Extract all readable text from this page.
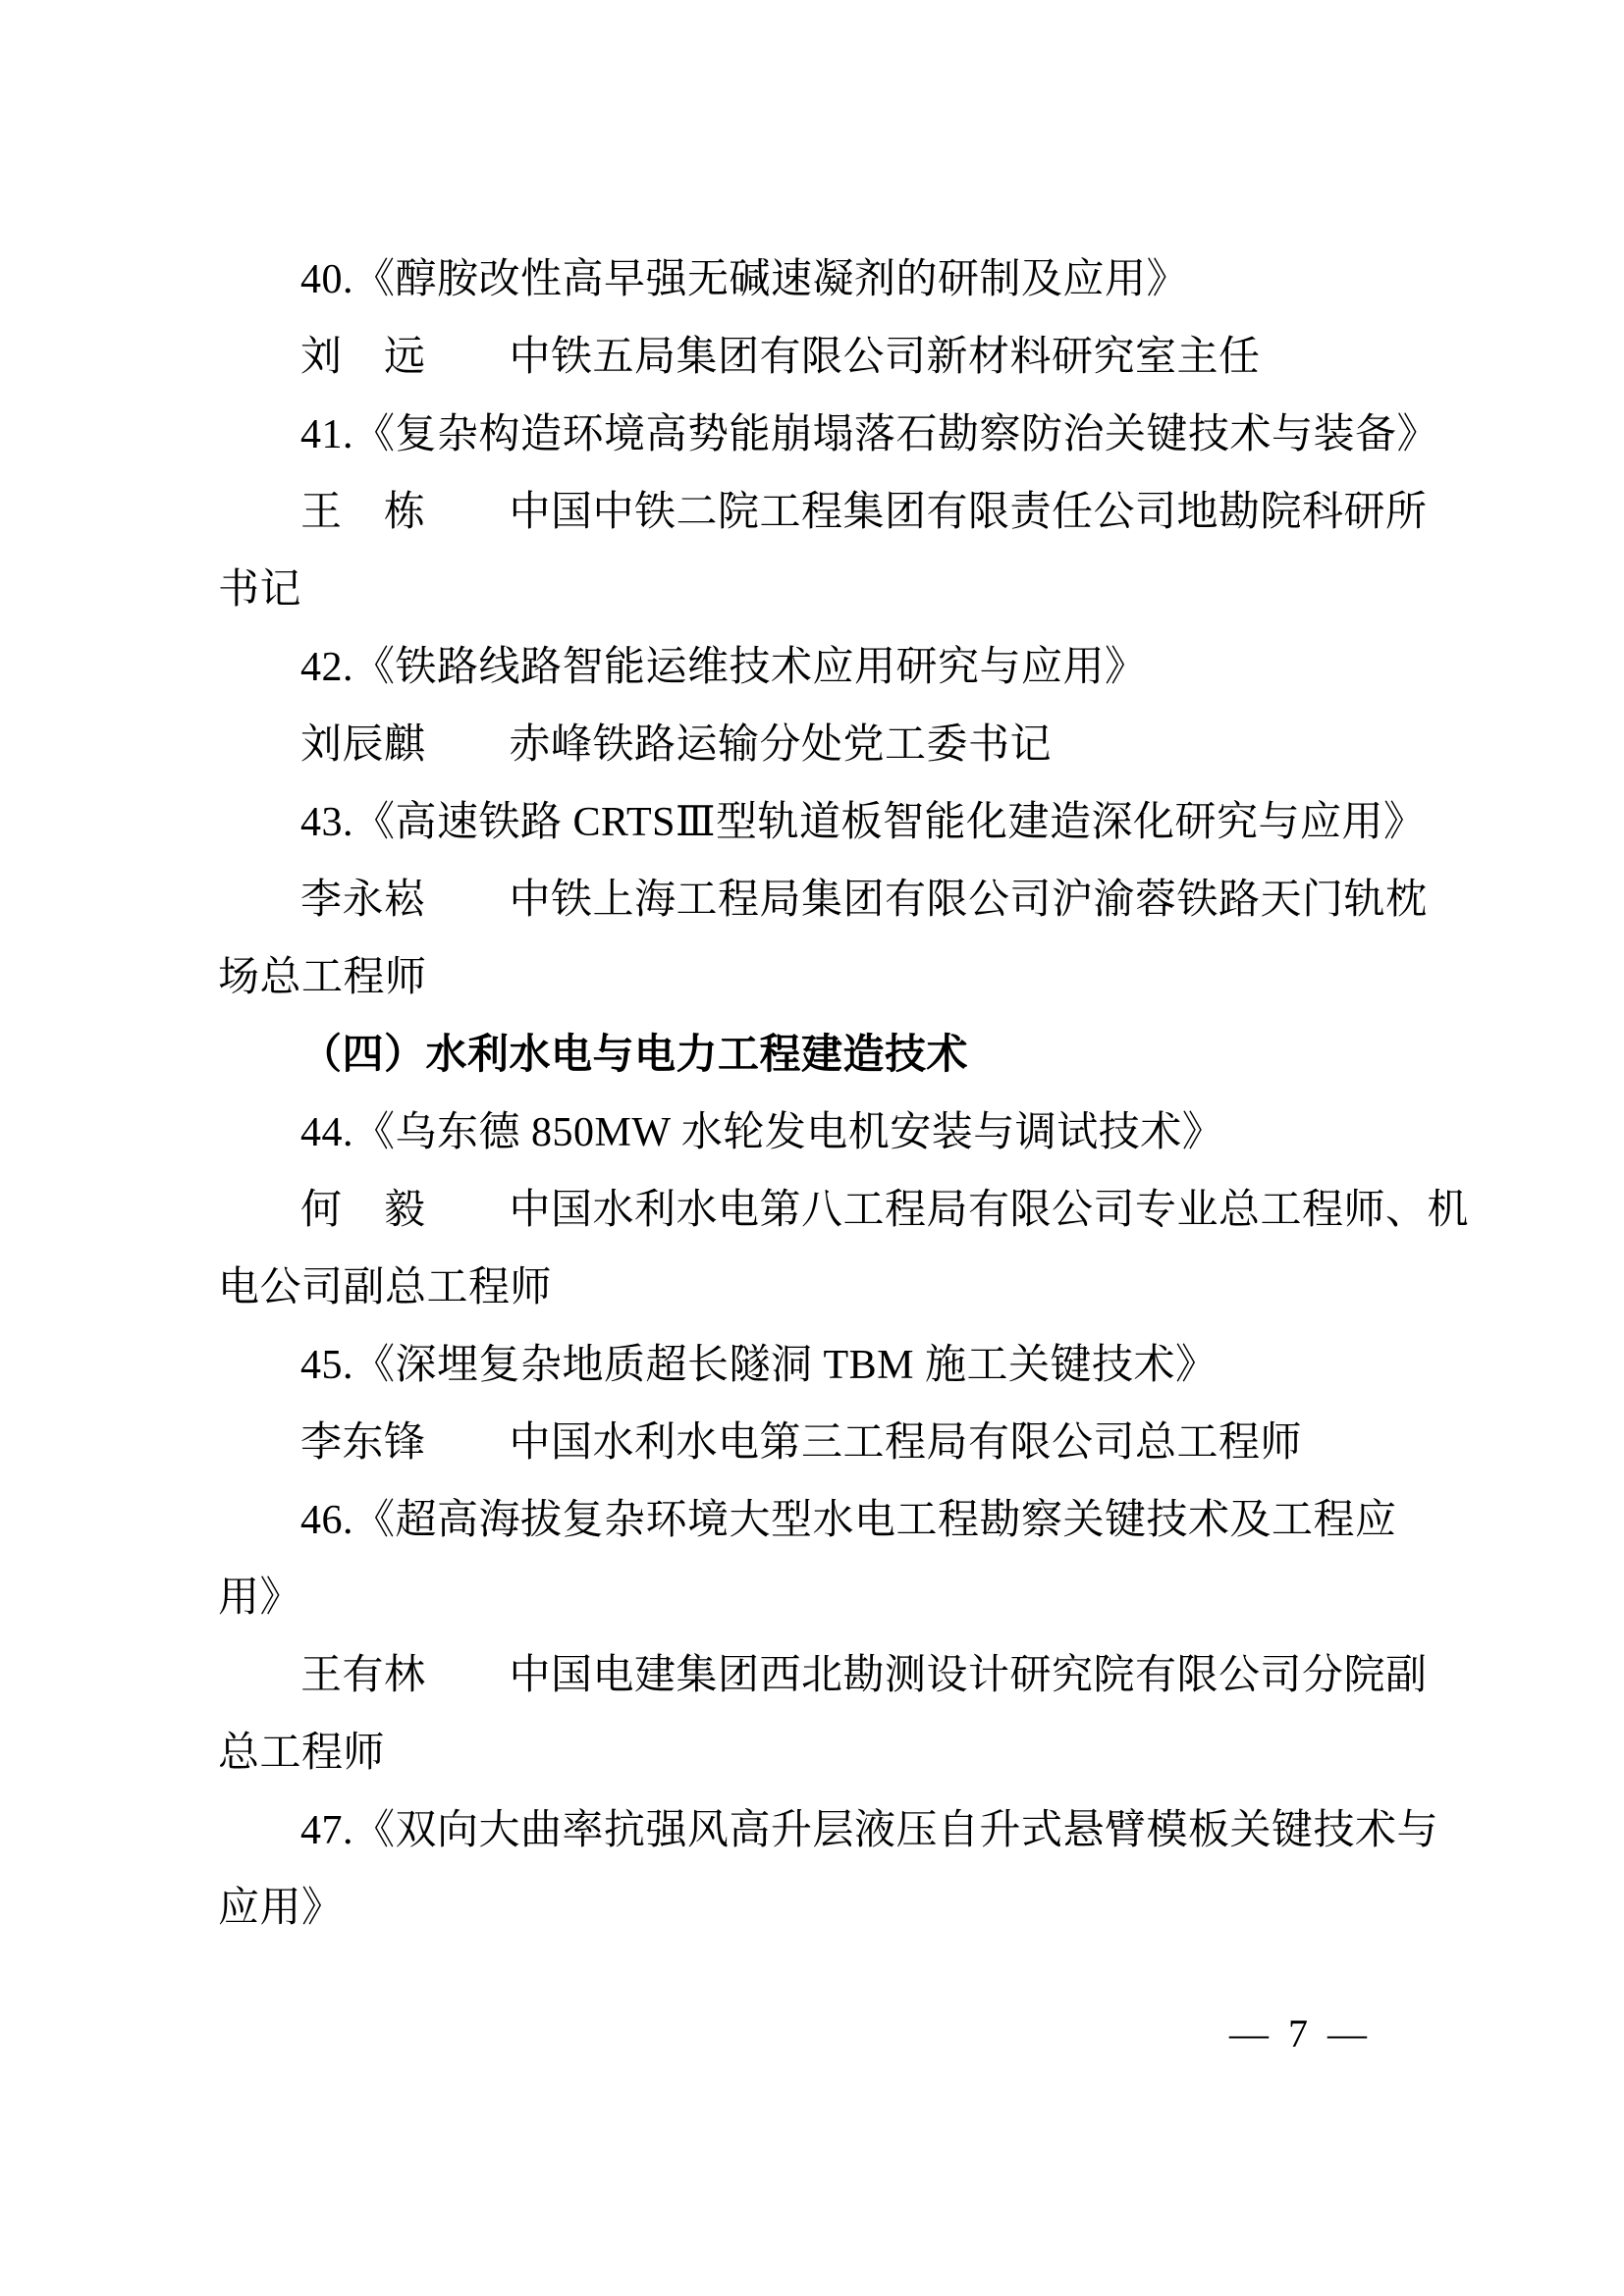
40.《醇胺改性高早强无碱速凝剂的研制及应用》
刘　远　　中铁五局集团有限公司新材料研究室主任
41.《复杂构造环境高势能崩塌落石勘察防治关键技术与装备》
王　栋　　中国中铁二院工程集团有限责任公司地勘院科研所
书记
42.《铁路线路智能运维技术应用研究与应用》
刘辰麒　　赤峰铁路运输分处党工委书记
43.《高速铁路 CRTSⅢ型轨道板智能化建造深化研究与应用》
李永崧　　中铁上海工程局集团有限公司沪渝蓉铁路天门轨枕
场总工程师
（四）水利水电与电力工程建造技术
44.《乌东德 850MW 水轮发电机安装与调试技术》
何　毅　　中国水利水电第八工程局有限公司专业总工程师、机
电公司副总工程师
45.《深埋复杂地质超长隧洞 TBM 施工关键技术》
李东锋　　中国水利水电第三工程局有限公司总工程师
46.《超高海拔复杂环境大型水电工程勘察关键技术及工程应
用》
王有林　　中国电建集团西北勘测设计研究院有限公司分院副
总工程师
47.《双向大曲率抗强风高升层液压自升式悬臂模板关键技术与
应用》
—  7  —
